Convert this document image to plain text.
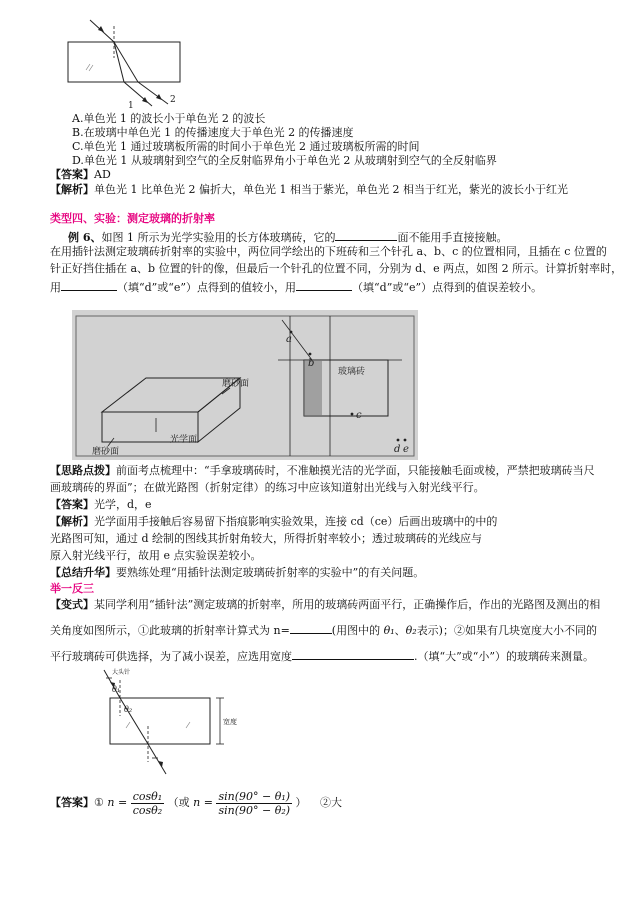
1
2
A.单色光 1 的波长小于单色光 2 的波长
B.在玻璃中单色光 1 的传播速度大于单色光 2 的传播速度
C.单色光 1 通过玻璃板所需的时间小于单色光 2 通过玻璃板所需的时间
D.单色光 1 从玻璃射到空气的全反射临界角小于单色光 2 从玻璃射到空气的全反射临界
【答案】AD
【解析】单色光 1 比单色光 2 偏折大，单色光 1 相当于紫光，单色光 2 相当于红光，紫光的波长小于红光
类型四、实验：测定玻璃的折射率
例 6、如图 1 所示为光学实验用的长方体玻璃砖，它的	面不能用手直接接触。
在用插针法测定玻璃砖折射率的实验中，两位同学绘出的下班砖和三个针孔 a、b、c 的位置相同，且插在 c 位置的
针正好挡住插在 a、b 位置的针的像，但最后一个针孔的位置不同，分别为 d、e 两点，如图 2 所示。计算折射率时，
用	（填“d”或“e”）点得到的值较小，用	（填“d”或“e”）点得到的值误差较小。
磨砂面
光学面
磨砂面
a
b
玻璃砖
c
d e
【思路点拨】前面考点梳理中：“手拿玻璃砖时，不准触摸光洁的光学面，只能接触毛面或棱，严禁把玻璃砖当尺
画玻璃砖的界面”；在做光路图（折射定律）的练习中应该知道射出光线与入射光线平行。
【答案】光学，d，e
【解析】光学面用手接触后容易留下指痕影响实验效果，连接 cd（ce）后画出玻璃中的中的
光路图可知，通过 d 绘制的图线其折射角较大，所得折射率较小；透过玻璃砖的光线应与
原入射光线平行，故用 e 点实验误差较小。
【总结升华】要熟练处理“用插针法测定玻璃砖折射率的实验中”的有关问题。
举一反三
【变式】某同学利用“插针法”测定玻璃的折射率，所用的玻璃砖两面平行，正确操作后，作出的光路图及测出的相
关角度如图所示，①此玻璃的折射率计算式为 n=	(用图中的 θ₁、θ₂表示)；②如果有几块宽度大小不同的
平行玻璃砖可供选择，为了减小误差，应选用宽度	.（填“大”或“小”）的玻璃砖来测量。
大头针
θ₁
θ₂
宽度
【答案】① $n = \frac{\text{cosθ₁}}{\text{cosθ₂}}$ （或 $n = \frac{\text{sin(90° − θ₁)}}{\text{sin(90° − θ₂)}}$ ） ②大
